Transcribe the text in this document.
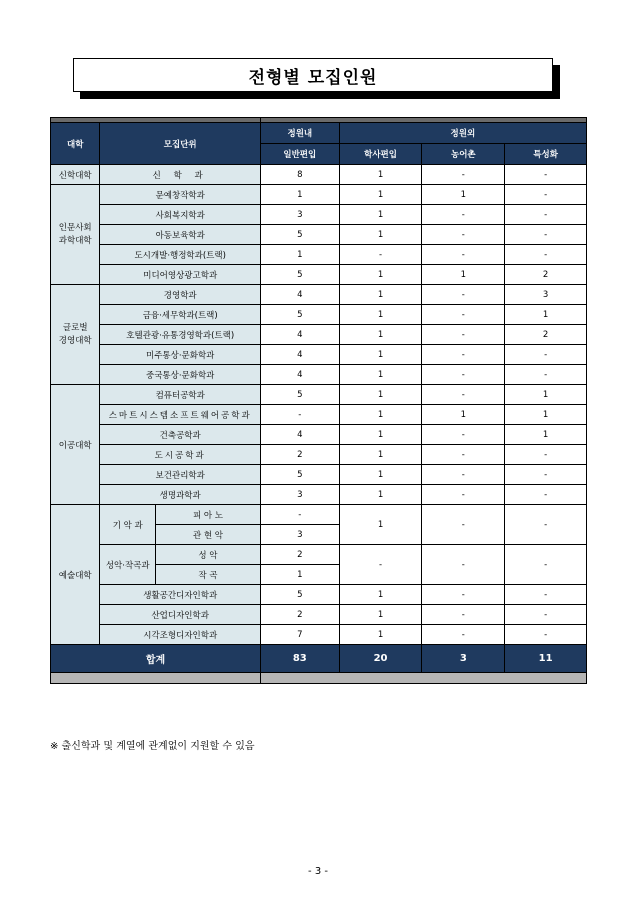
전형별 모집인원

대학	모집단위		정원내	정원외		
			일반편입	학사편입	농어촌	특성화
신학대학	신 학 과		8	1	-	-
인문사회
과학대학	문예창작학과		1	1	1	-
	사회복지학과		3	1	-	-
	아동보육학과		5	1	-	-
	도시개발·행정학과(트랙)		1	-	-	-
	미디어영상광고학과		5	1	1	2
글로벌
경영대학	경영학과		4	1	-	3
	금융·세무학과(트랙)		5	1	-	1
	호텔관광·유통경영학과(트랙)		4	1	-	2
	미주통상·문화학과		4	1	-	-
	중국통상·문화학과		4	1	-	-
이공대학	컴퓨터공학과		5	1	-	1
	스마트시스템소프트웨어공학과		-	1	1	1
	건축공학과		4	1	-	1
	도시공학과		2	1	-	-
	보건관리학과		5	1	-	-
	생명과학과		3	1	-	-
예술대학	기 악 과	피 아 노	-	1	-	-
		관 현 악	3			
	성악·작곡과	성 악	2	-	-	-
		작 곡	1			
	생활공간디자인학과		5	1	-	-
	산업디자인학과		2	1	-	-
	시각조형디자인학과		7	1	-	-
합계			83	20	3	11

※ 출신학과 및 계열에 관계없이 지원할 수 있음
- 3 -
